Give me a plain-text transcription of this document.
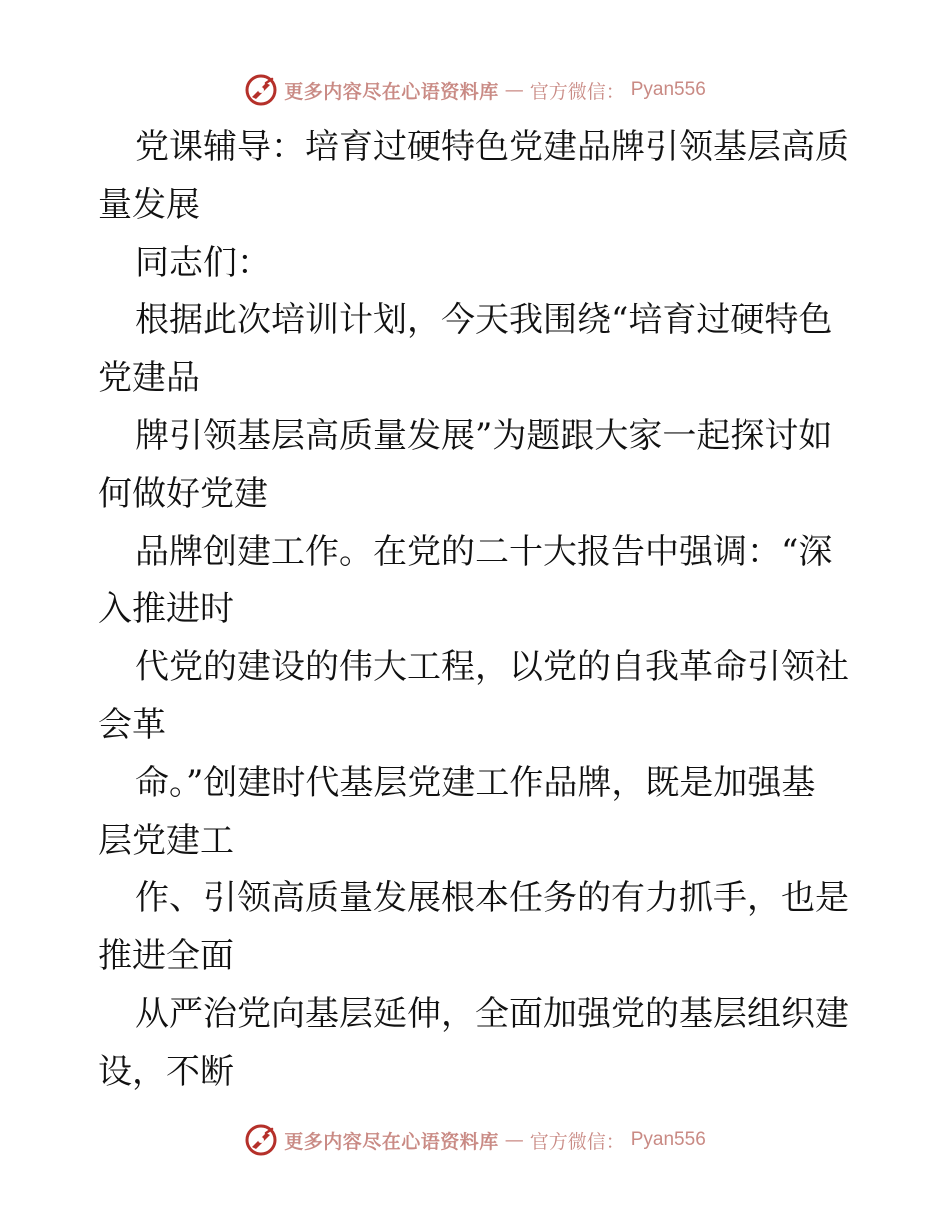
更多内容尽在心语资料库 — 官方微信： Pyan556
党课辅导：培育过硬特色党建品牌引领基层高质
量发展
同志们：
根据此次培训计划，今天我围绕“培育过硬特色
党建品
牌引领基层高质量发展”为题跟大家一起探讨如
何做好党建
品牌创建工作。在党的二十大报告中强调：“深
入推进时
代党的建设的伟大工程，以党的自我革命引领社
会革
命。”创建时代基层党建工作品牌，既是加强基
层党建工
作、引领高质量发展根本任务的有力抓手，也是
推进全面
从严治党向基层延伸，全面加强党的基层组织建
设，不断
更多内容尽在心语资料库 — 官方微信： Pyan556
